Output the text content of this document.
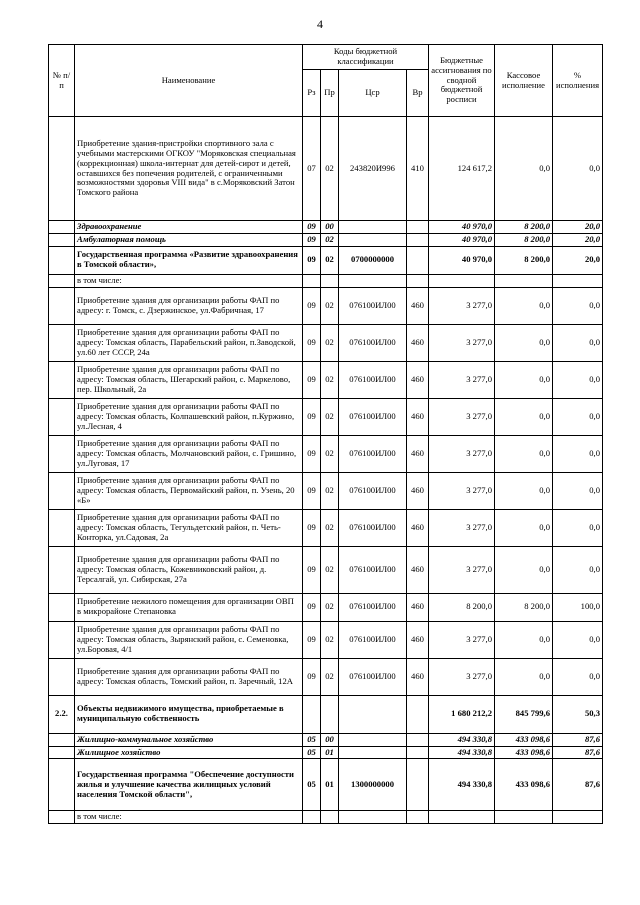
4
№ п/п	Наименование	Коды бюджетной классификации				Бюджетные ассигнования по сводной бюджетной росписи	Кассовое исполнение	% исполнения
		Рз	Пр	Цср	Вр			
	Приобретение здания-пристройки спортивного зала с учебными мастерскими ОГКОУ "Моряковская специальная (коррекционная) школа-интернат для детей-сирот и детей, оставшихся без попечения родителей, с ограниченными возможностями здоровья VIII вида" в с.Моряковский Затон Томского района	07	02	243820И996	410	124 617,2	0,0	0,0
	Здравоохранение	09	00			40 970,0	8 200,0	20,0
	Амбулаторная помощь	09	02			40 970,0	8 200,0	20,0
	Государственная программа «Развитие здравоохранения в Томской области»,	09	02	0700000000		40 970,0	8 200,0	20,0
	в том числе:							
	Приобретение здания для организации работы ФАП по адресу: г. Томск, с. Дзержинское, ул.Фабричная, 17	09	02	076100ИЛ00	460	3 277,0	0,0	0,0
	Приобретение здания для организации работы ФАП по адресу: Томская область, Парабельский район, п.Заводской, ул.60 лет СССР, 24а	09	02	076100ИЛ00	460	3 277,0	0,0	0,0
	Приобретение здания для организации работы ФАП по адресу: Томская область, Шегарский район, с. Маркелово, пер. Школьный, 2а	09	02	076100ИЛ00	460	3 277,0	0,0	0,0
	Приобретение здания для организации работы ФАП по адресу: Томская область, Колпашевский район, п.Куржино, ул.Лесная, 4	09	02	076100ИЛ00	460	3 277,0	0,0	0,0
	Приобретение здания для организации работы ФАП по адресу: Томская область, Молчановский район, с. Гришино, ул.Луговая, 17	09	02	076100ИЛ00	460	3 277,0	0,0	0,0
	Приобретение здания для организации работы ФАП по адресу: Томская область, Первомайский район, п. Узень, 20 «Б»	09	02	076100ИЛ00	460	3 277,0	0,0	0,0
	Приобретение здания для организации работы ФАП по адресу: Томская область, Тегульдетский район, п. Четь-Конторка, ул.Садовая, 2а	09	02	076100ИЛ00	460	3 277,0	0,0	0,0
	Приобретение здания для организации работы ФАП по адресу: Томская область, Кожевниковский район, д. Терсалгай, ул. Сибирская, 27а	09	02	076100ИЛ00	460	3 277,0	0,0	0,0
	Приобретение нежилого помещения для организации ОВП в микрорайоне Степановка	09	02	076100ИЛ00	460	8 200,0	8 200,0	100,0
	Приобретение здания для организации работы ФАП по адресу: Томская область, Зырянский район, с. Семеновка, ул.Боровая, 4/1	09	02	076100ИЛ00	460	3 277,0	0,0	0,0
	Приобретение здания для организации работы ФАП по адресу: Томская область, Томский район, п. Заречный, 12А	09	02	076100ИЛ00	460	3 277,0	0,0	0,0
2.2.	Объекты недвижимого имущества, приобретаемые в муниципальную собственность					1 680 212,2	845 799,6	50,3
	Жилищно-коммунальное хозяйство	05	00			494 330,8	433 098,6	87,6
	Жилищное хозяйство	05	01			494 330,8	433 098,6	87,6
	Государственная программа "Обеспечение доступности жилья и улучшение качества жилищных условий населения Томской области",	05	01	1300000000		494 330,8	433 098,6	87,6
	в том числе:							
